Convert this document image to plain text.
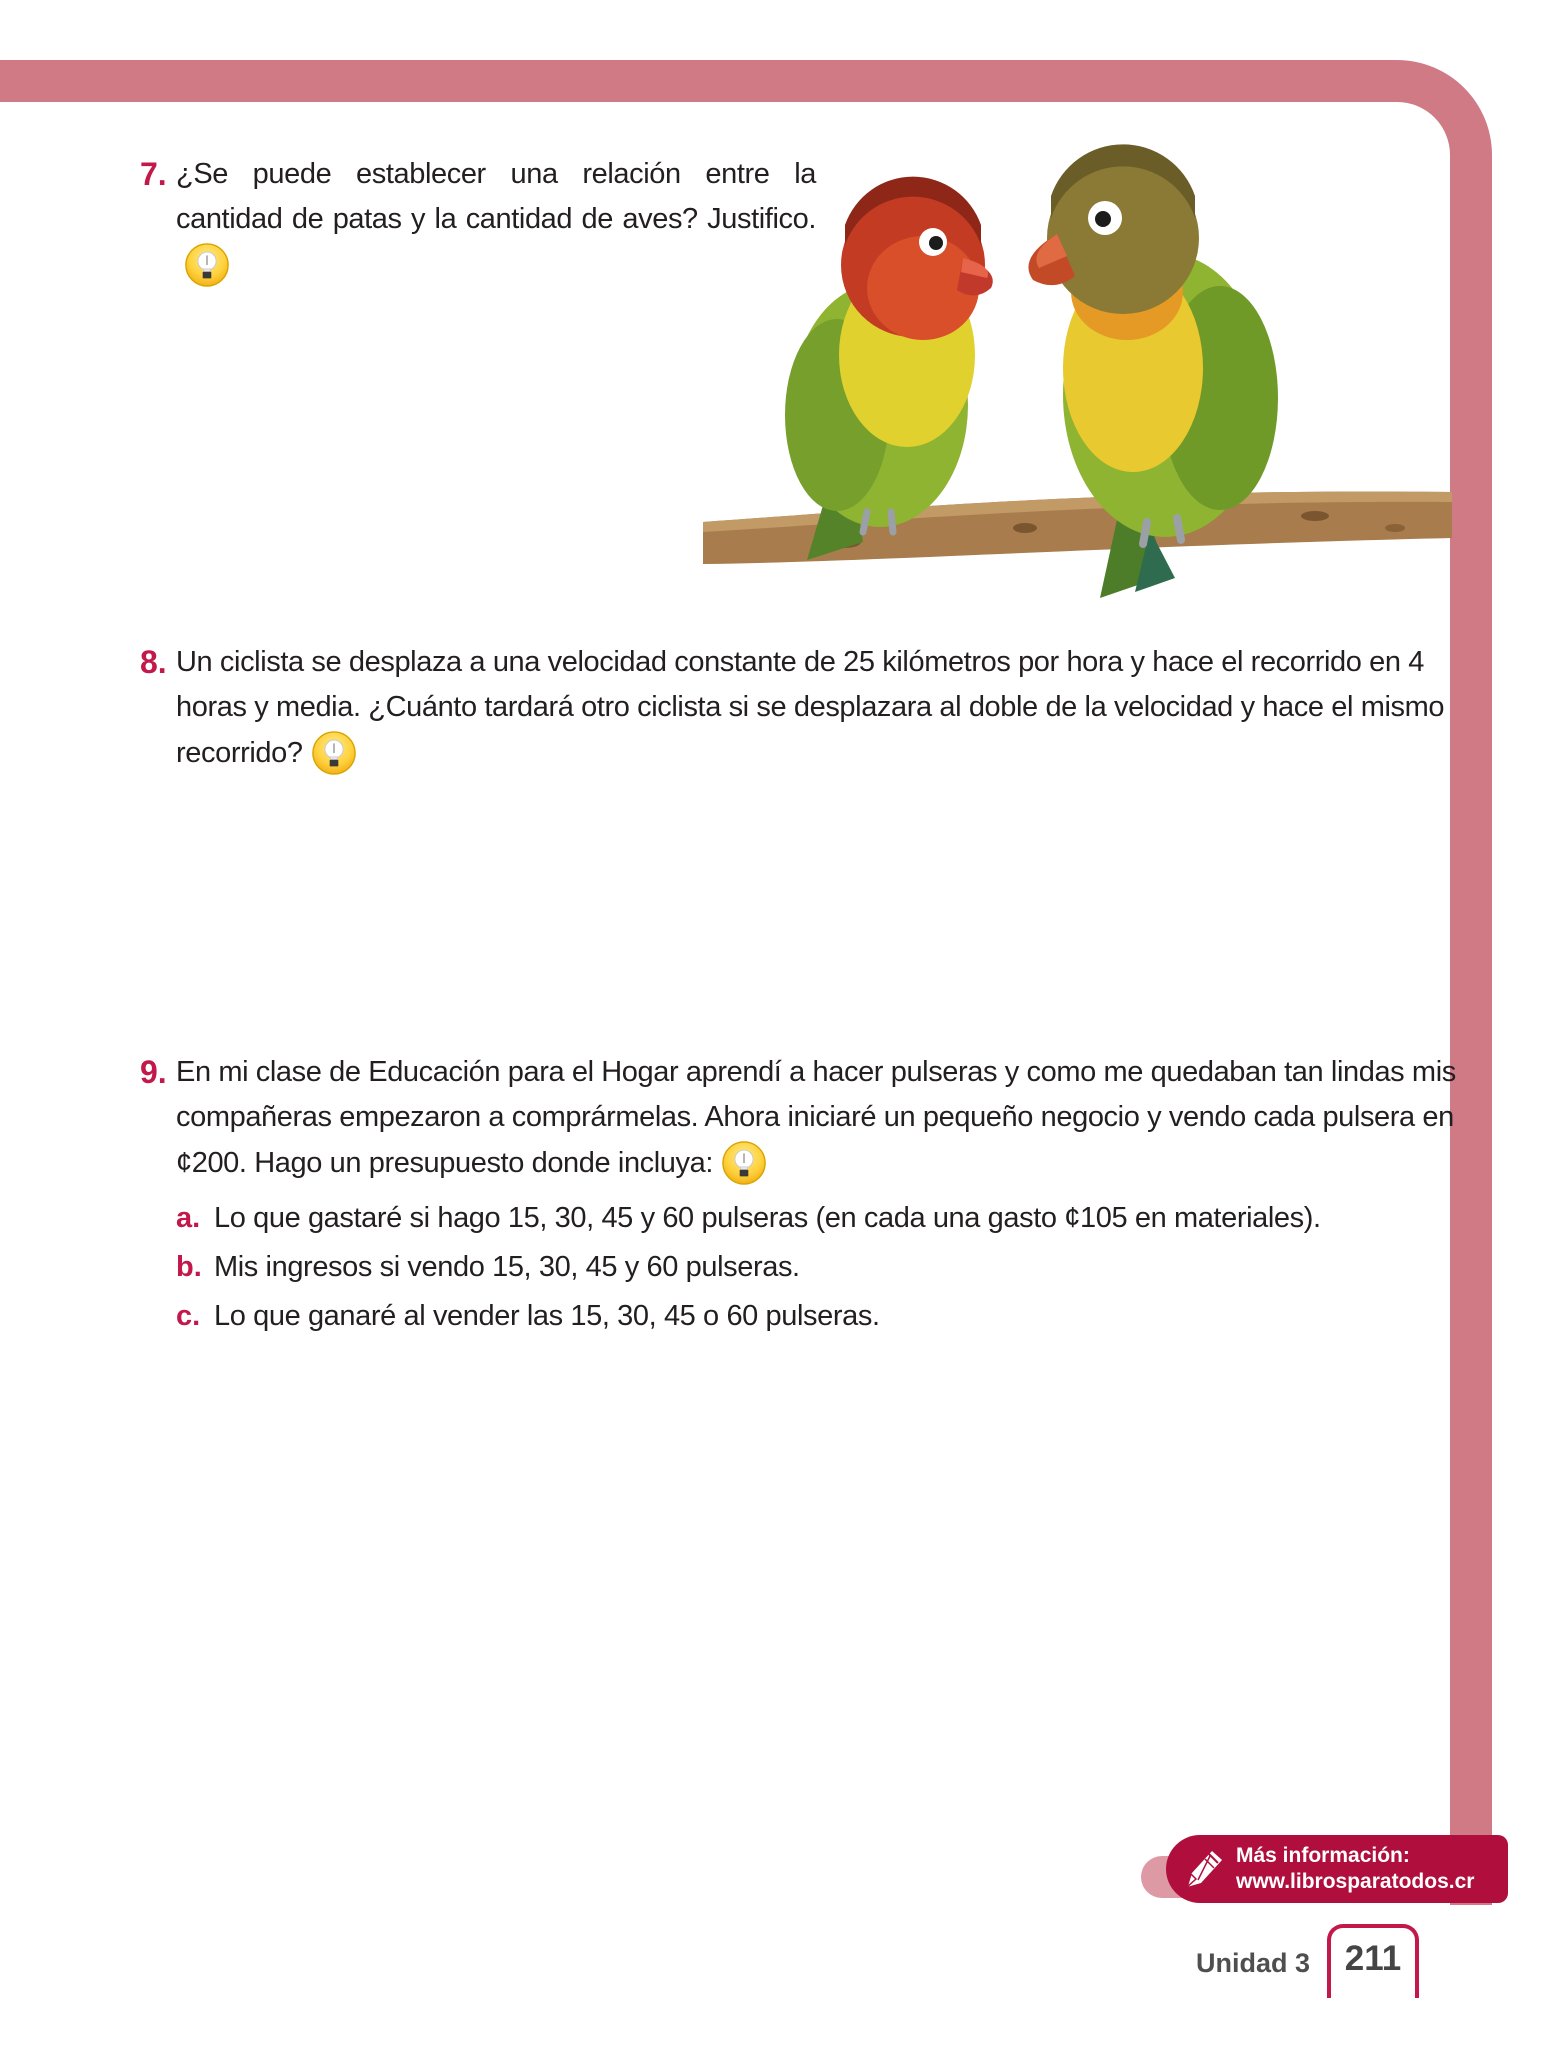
7. ¿Se puede establecer una relación entre la cantidad de patas y la cantidad de aves? Justifico.

8. Un ciclista se desplaza a una velocidad constante de 25 kilómetros por hora y hace el recorrido en 4 horas y media. ¿Cuánto tardará otro ciclista si se desplazara al doble de la velocidad y hace el mismo recorrido?

9. En mi clase de Educación para el Hogar aprendí a hacer pulseras y como me quedaban tan lindas mis compañeras empezaron a comprármelas. Ahora iniciaré un pequeño negocio y vendo cada pulsera en ¢200. Hago un presupuesto donde incluya:

a. Lo que gastaré si hago 15, 30, 45 y 60 pulseras (en cada una gasto ¢105 en materiales).
b. Mis ingresos si vendo 15, 30, 45 y 60 pulseras.
c. Lo que ganaré al vender las 15, 30, 45 o 60 pulseras.
Más información:
www.librosparatodos.cr
Unidad 3 211
